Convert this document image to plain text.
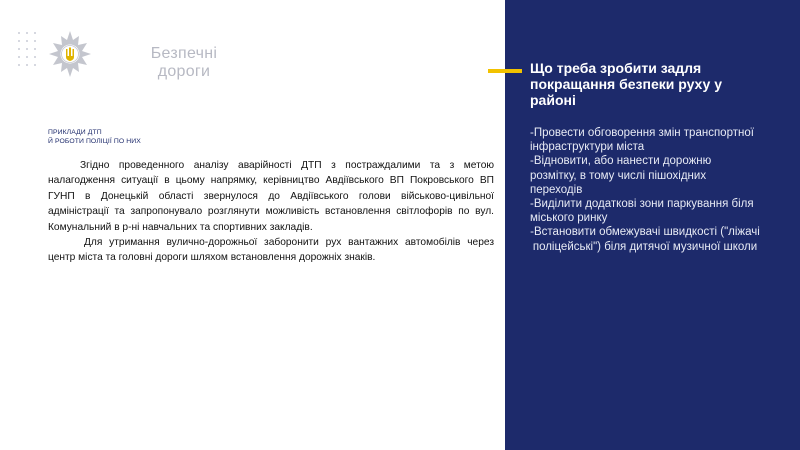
Безпечні
дороги
ПРИКЛАДИ ДТП
Й РОБОТИ ПОЛІЦІЇ ПО НИХ

Згідно проведенного аналізу аварійності ДТП з постраждалими та з метою налагодження ситуації в цьому напрямку, керівництво Авдіївського ВП Покровського ВП ГУНП в Донецькій області звернулося до Авдіївського голови військово-цивільної адміністрації та запропонувало розглянути можливість встановлення світлофорів по вул. Комунальний в р-ні навчальних та спортивних закладів.

Для утримання вулично-дорожньої заборонити рух вантажних автомобілів через центр міста та головні дороги шляхом встановлення дорожніх знаків.

Що треба зробити задля покращання безпеки руху у районі
-Провести обговорення змін транспортної інфраструктури міста
-Відновити, або нанести дорожню розмітку, в тому числі пішохідних переходів
-Виділити додаткові зони паркування біля міського ринку
-Встановити обмежувачі швидкості ("ліжачі поліцейські") біля дитячої музичної школи
